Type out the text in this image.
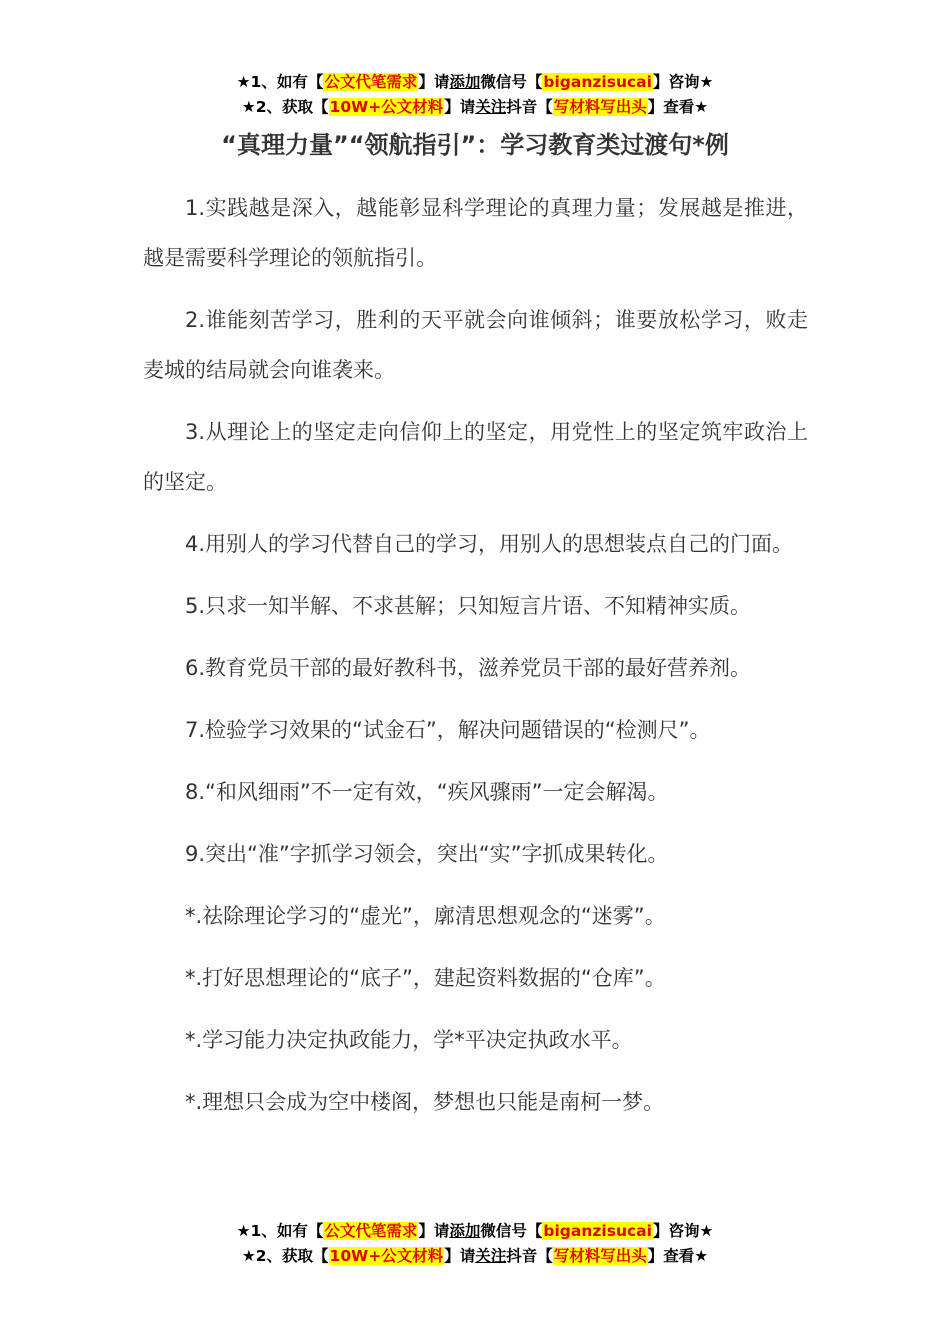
★1、如有【公文代笔需求】请添加微信号【biganzisucai】咨询★
★2、获取【10W+公文材料】请关注抖音【写材料写出头】查看★
“真理力量”“领航指引”：学习教育类过渡句*例

1.实践越是深入，越能彰显科学理论的真理力量；发展越是推进，越是需要科学理论的领航指引。

2.谁能刻苦学习，胜利的天平就会向谁倾斜；谁要放松学习，败走麦城的结局就会向谁袭来。

3.从理论上的坚定走向信仰上的坚定，用党性上的坚定筑牢政治上的坚定。

4.用别人的学习代替自己的学习，用别人的思想装点自己的门面。

5.只求一知半解、不求甚解；只知短言片语、不知精神实质。

6.教育党员干部的最好教科书，滋养党员干部的最好营养剂。

7.检验学习效果的“试金石”，解决问题错误的“检测尺”。

8.“和风细雨”不一定有效，“疾风骤雨”一定会解渴。

9.突出“准”字抓学习领会，突出“实”字抓成果转化。

*.祛除理论学习的“虚光”，廓清思想观念的“迷雾”。

*.打好思想理论的“底子”，建起资料数据的“仓库”。

*.学习能力决定执政能力，学*平决定执政水平。

*.理想只会成为空中楼阁，梦想也只能是南柯一梦。

★1、如有【公文代笔需求】请添加微信号【biganzisucai】咨询★
★2、获取【10W+公文材料】请关注抖音【写材料写出头】查看★
